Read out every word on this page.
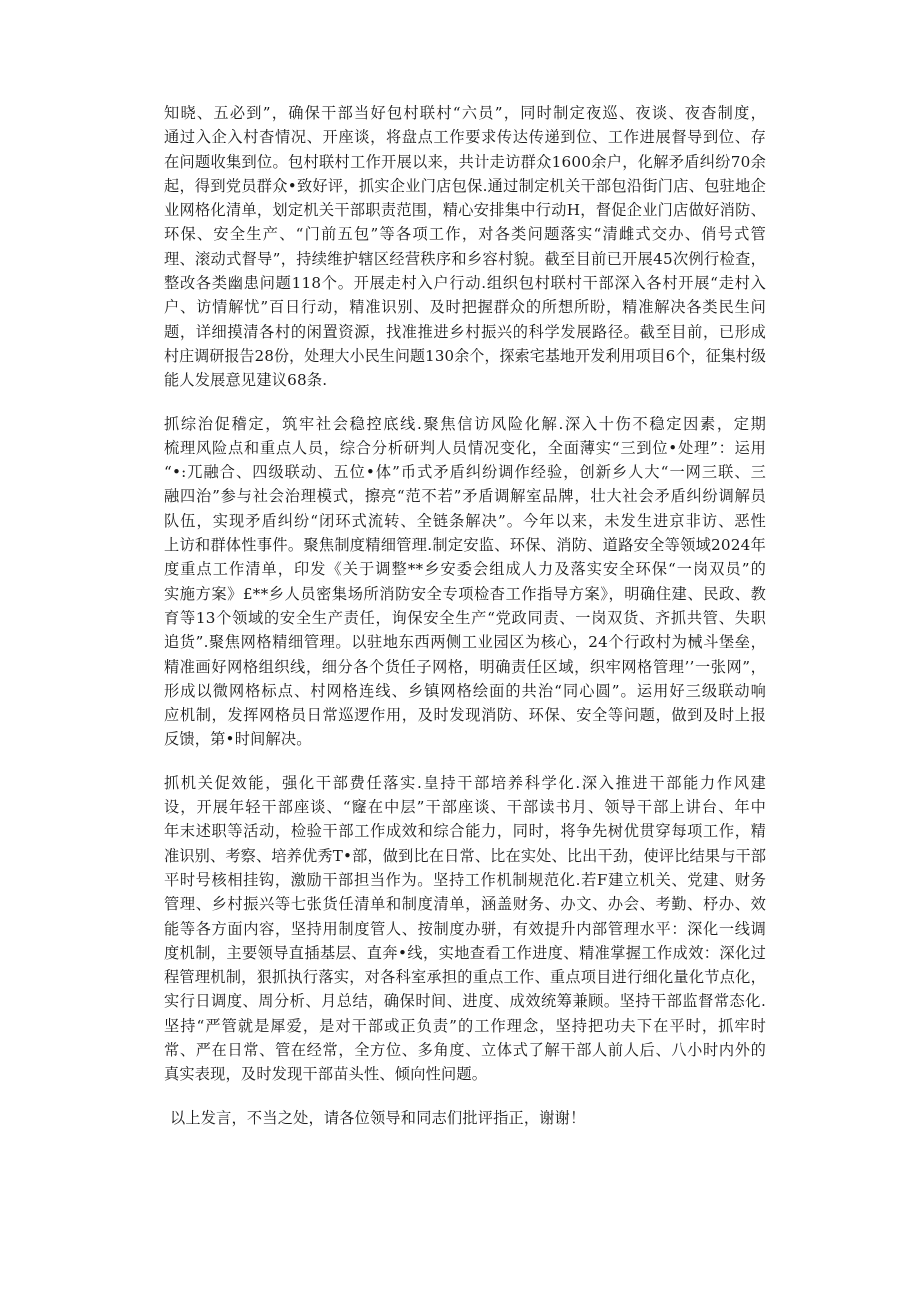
知晓、五必到”，确保干部当好包村联村“六员”，同时制定夜巡、夜谈、夜杳制度，
通过入企入村杳情况、开座谈，将盘点工作要求传达传递到位、工作进展督导到位、存
在问题收集到位。包村联村工作开展以来，共计走访群众1600余户，化解矛盾纠纷70余
起，得到党员群众•致好评，抓实企业门店包保.通过制定机关干部包沿街门店、包驻地企
业网格化清单，划定机关干部职责范围，精心安排集中行动H，督促企业门店做好消防、
环保、安全生产、“门前五包”等各项工作，对各类问题落实“清雌式交办、俏号式管
理、滚动式督导”，持续维护辖区经营秩序和乡容村貌。截至目前已开展45次例行检查，
整改各类幽患问题118个。开展走村入户行动.组织包村联村干部深入各村开展“走村入
户、访情解忧”百日行动，精准识别、及时把握群众的所想所盼，精准解决各类民生问
题，详细摸清各村的闲置资源，找准推进乡村振兴的科学发展路径。截至目前，已形成
村庄调研报告28份，处理大小民生问题130余个，探索宅基地开发利用项目6个，征集村级
能人发展意见建议68条.
抓综治促稽定，筑牢社会稳控底线.聚焦信访风险化解.深入十伤不稳定因素，定期
梳理风险点和重点人员，综合分析研判人员情况变化，全面薄实“三到位•处理”：运用
“•:兀融合、四级联动、五位•体”币式矛盾纠纷调作经验，创新乡人大“一网三联、三
融四治”参与社会治理模式，擦亮“范不若”矛盾调解室品牌，壮大社会矛盾纠纷调解员
队伍，实现矛盾纠纷“闭环式流转、全链条解决”。今年以来，未发生进京非访、恶性
上访和群体性事件。聚焦制度精细管理.制定安监、环保、消防、道路安全等领域2024年
度重点工作清单，印发《关于调整**乡安委会组成人力及落实安全环保“一岗双员”的
实施方案》£**乡人员密集场所消防安全专项检杳工作指导方案》，明确住建、民政、教
育等13个领域的安全生产责任，询保安全生产“党政同责、一岗双货、齐抓共管、失职
追货”.聚焦网格精细管理。以驻地东西两侧工业园区为核心，24个行政村为械斗堡垒，
精准画好网格组织线，细分各个货任子网格，明确责任区域，织牢网格管理’’一张网”，
形成以微网格标点、村网格连线、乡镇网格绘面的共治“同心圆”。运用好三级联动响
应机制，发挥网格员日常巡逻作用，及时发现消防、环保、安全等问题，做到及时上报
反馈，第•时间解决。
抓机关促效能，强化干部费任落实.皇持干部培养科学化.深入推进干部能力作风建
设，开展年轻干部座谈、“窿在中层”干部座谈、干部读书月、领导干部上讲台、年中
年末述职等活动，检验干部工作成效和综合能力，同时，将争先树优贯穿每项工作，精
准识别、考察、培养优秀T•部，做到比在日常、比在实处、比出干劲，使评比结果与干部
平时号核相挂钩，激励干部担当作为。坚持工作机制规范化.若F建立机关、党建、财务
管理、乡村振兴等七张货任清单和制度清单，涵盖财务、办文、办会、考勤、杼办、效
能等各方面内容，坚持用制度管人、按制度办骈，有效提升内部管理水平：深化一线调
度机制，主要领导直插基层、直奔•线，实地查看工作进度、精准掌握工作成效：深化过
程管理机制，狠抓执行落实，对各科室承担的重点工作、重点项目进行细化量化节点化，
实行日调度、周分析、月总结，确保时间、进度、成效统筹兼顾。坚持干部监督常态化.
坚持“严管就是犀爱，是对干部或正负责”的工作理念，坚持把功夫下在平时，抓牢时
常、严在日常、管在经常，全方位、多角度、立体式了解干部人前人后、八小时内外的
真实表现，及时发现干部苗头性、倾向性问题。
以上发言，不当之处，请各位领导和同志们批评指正，谢谢！
